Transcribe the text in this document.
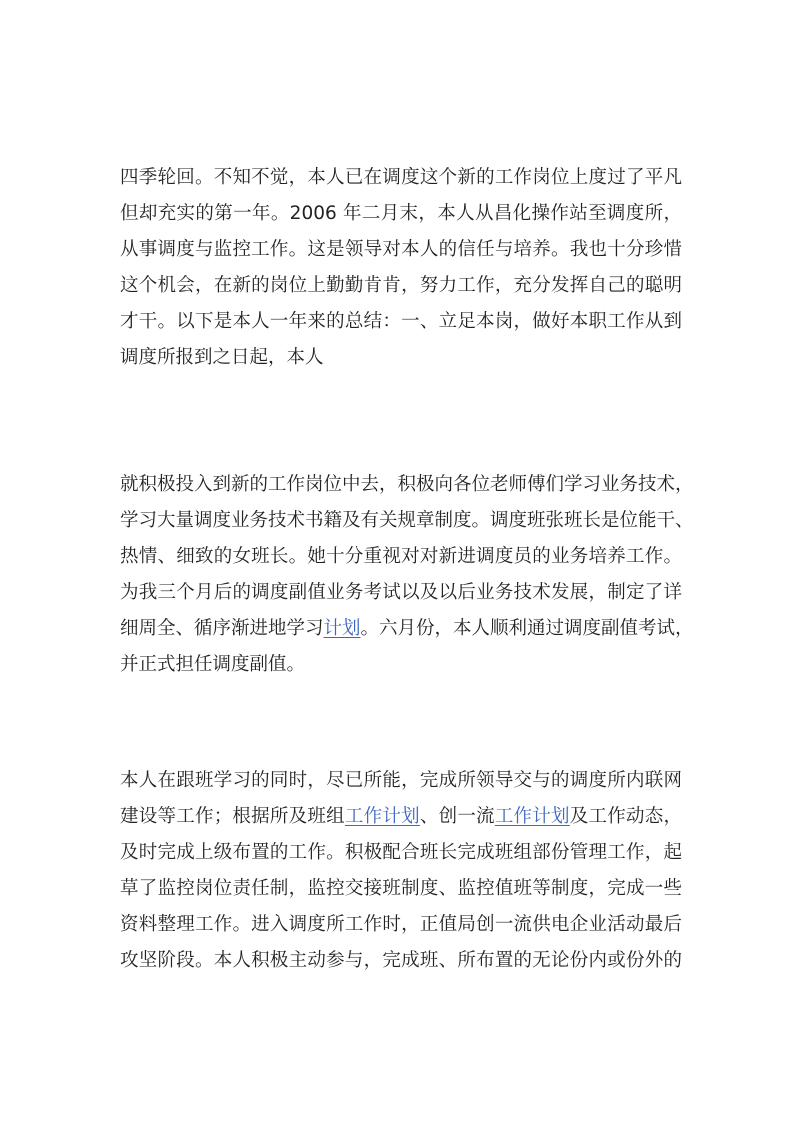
四季轮回。不知不觉，本人已在调度这个新的工作岗位上度过了平凡
但却充实的第一年。2006 年二月末，本人从昌化操作站至调度所，
从事调度与监控工作。这是领导对本人的信任与培养。我也十分珍惜
这个机会，在新的岗位上勤勤肯肯，努力工作，充分发挥自己的聪明
才干。以下是本人一年来的总结：一、立足本岗，做好本职工作从到
调度所报到之日起，本人
就积极投入到新的工作岗位中去，积极向各位老师傅们学习业务技术，
学习大量调度业务技术书籍及有关规章制度。调度班张班长是位能干、
热情、细致的女班长。她十分重视对对新进调度员的业务培养工作。
为我三个月后的调度副值业务考试以及以后业务技术发展，制定了详
细周全、循序渐进地学习计划。六月份，本人顺利通过调度副值考试，
并正式担任调度副值。
本人在跟班学习的同时，尽已所能，完成所领导交与的调度所内联网
建设等工作；根据所及班组工作计划、创一流工作计划及工作动态，
及时完成上级布置的工作。积极配合班长完成班组部份管理工作，起
草了监控岗位责任制，监控交接班制度、监控值班等制度，完成一些
资料整理工作。进入调度所工作时，正值局创一流供电企业活动最后
攻坚阶段。本人积极主动参与，完成班、所布置的无论份内或份外的
